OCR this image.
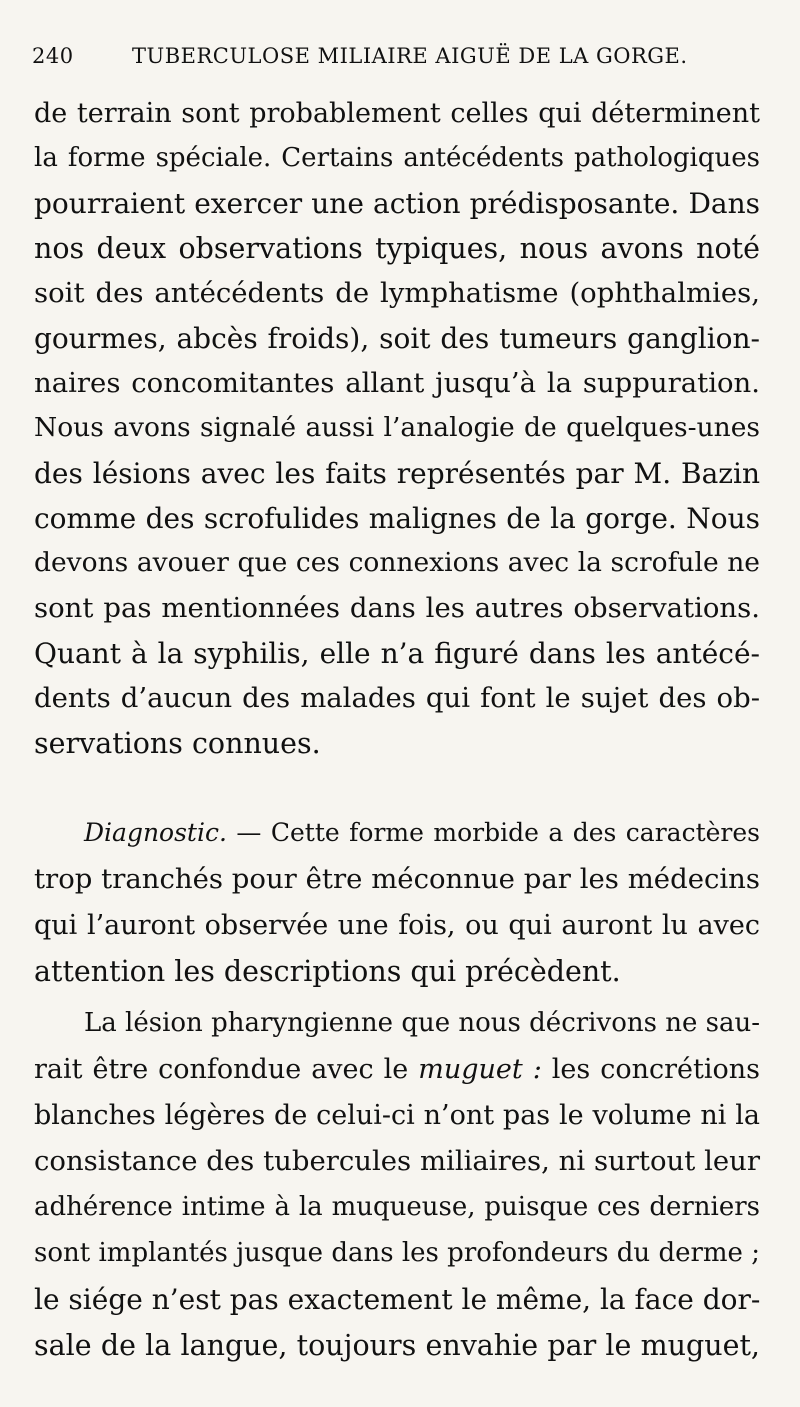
240	TUBERCULOSE MILIAIRE AIGUË DE LA GORGE.
de terrain sont probablement celles qui déterminent
la forme spéciale. Certains antécédents pathologiques
pourraient exercer une action prédisposante. Dans
nos deux observations typiques, nous avons noté
soit des antécédents de lymphatisme (ophthalmies,
gourmes, abcès froids), soit des tumeurs ganglion-
naires concomitantes allant jusqu’à la suppuration.
Nous avons signalé aussi l’analogie de quelques-unes
des lésions avec les faits représentés par M. Bazin
comme des scrofulides malignes de la gorge. Nous
devons avouer que ces connexions avec la scrofule ne
sont pas mentionnées dans les autres observations.
Quant à la syphilis, elle n’a figuré dans les antécé-
dents d’aucun des malades qui font le sujet des ob-
servations connues.
Diagnostic. — Cette forme morbide a des caractères
trop tranchés pour être méconnue par les médecins
qui l’auront observée une fois, ou qui auront lu avec
attention les descriptions qui précèdent.
La lésion pharyngienne que nous décrivons ne sau-
rait être confondue avec le muguet : les concrétions
blanches légères de celui-ci n’ont pas le volume ni la
consistance des tubercules miliaires, ni surtout leur
adhérence intime à la muqueuse, puisque ces derniers
sont implantés jusque dans les profondeurs du derme ;
le siége n’est pas exactement le même, la face dor-
sale de la langue, toujours envahie par le muguet,
